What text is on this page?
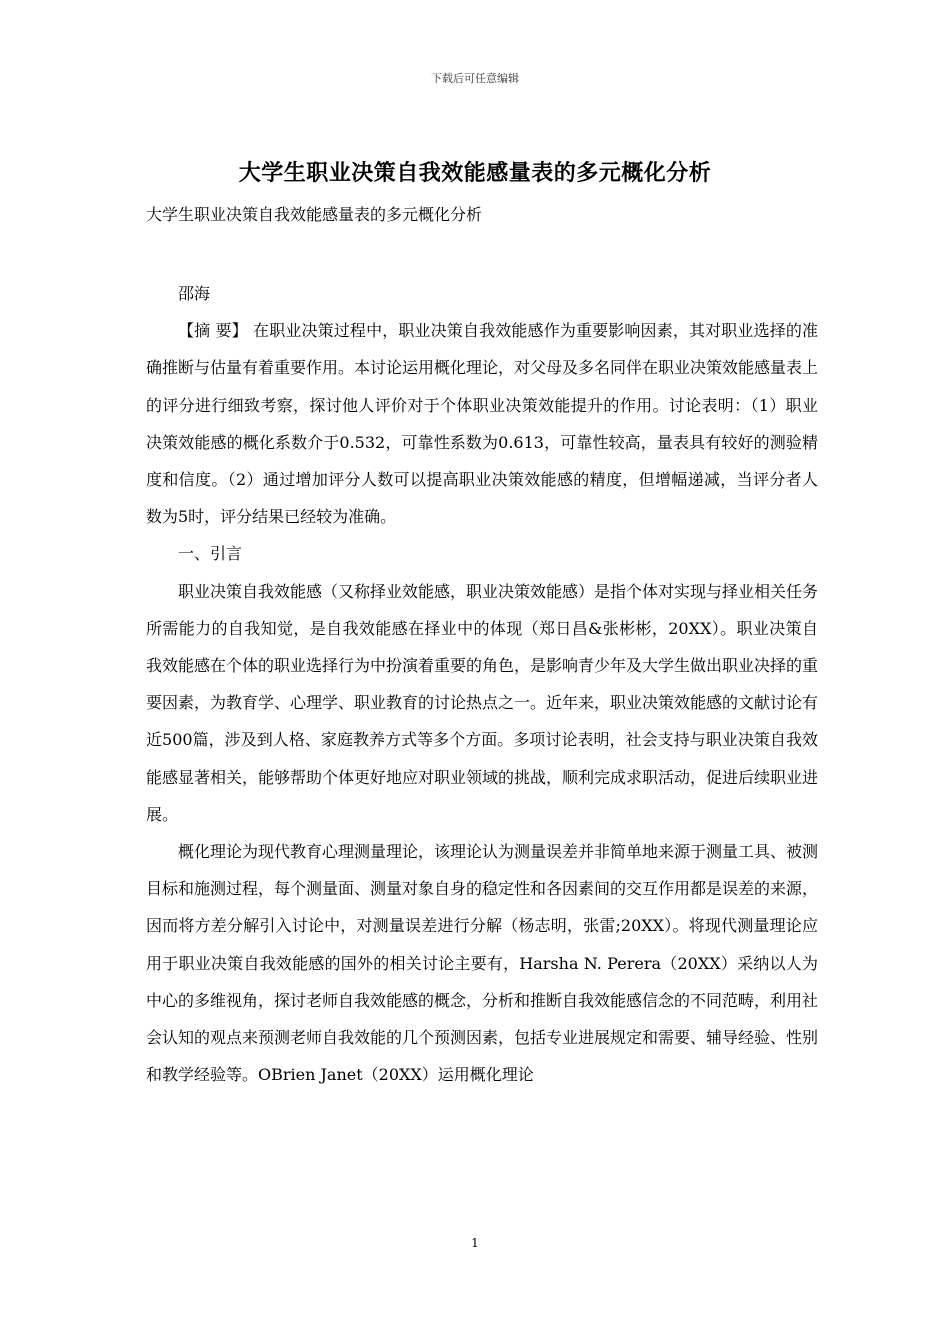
下载后可任意编辑
大学生职业决策自我效能感量表的多元概化分析
大学生职业决策自我效能感量表的多元概化分析

邵海

【摘 要】 在职业决策过程中，职业决策自我效能感作为重要影响因素，其对职业选择的准确推断与估量有着重要作用。本讨论运用概化理论，对父母及多名同伴在职业决策效能感量表上的评分进行细致考察，探讨他人评价对于个体职业决策效能提升的作用。讨论表明：（1）职业决策效能感的概化系数介于0.532，可靠性系数为0.613，可靠性较高，量表具有较好的测验精度和信度。（2）通过增加评分人数可以提高职业决策效能感的精度，但增幅递减，当评分者人数为5时，评分结果已经较为准确。

一、引言

职业决策自我效能感（又称择业效能感，职业决策效能感）是指个体对实现与择业相关任务所需能力的自我知觉，是自我效能感在择业中的体现（郑日昌&张彬彬，20XX）。职业决策自我效能感在个体的职业选择行为中扮演着重要的角色，是影响青少年及大学生做出职业决择的重要因素，为教育学、心理学、职业教育的讨论热点之一。近年来，职业决策效能感的文献讨论有近500篇，涉及到人格、家庭教养方式等多个方面。多项讨论表明，社会支持与职业决策自我效能感显著相关，能够帮助个体更好地应对职业领域的挑战，顺利完成求职活动，促进后续职业进展。

概化理论为现代教育心理测量理论，该理论认为测量误差并非简单地来源于测量工具、被测目标和施测过程，每个测量面、测量对象自身的稳定性和各因素间的交互作用都是误差的来源，因而将方差分解引入讨论中，对测量误差进行分解（杨志明，张雷;20XX）。将现代测量理论应用于职业决策自我效能感的国外的相关讨论主要有，Harsha N. Perera（20XX）采纳以人为中心的多维视角，探讨老师自我效能感的概念，分析和推断自我效能感信念的不同范畴，利用社会认知的观点来预测老师自我效能的几个预测因素，包括专业进展规定和需要、辅导经验、性别和教学经验等。OBrien Janet（20XX）运用概化理论

1
